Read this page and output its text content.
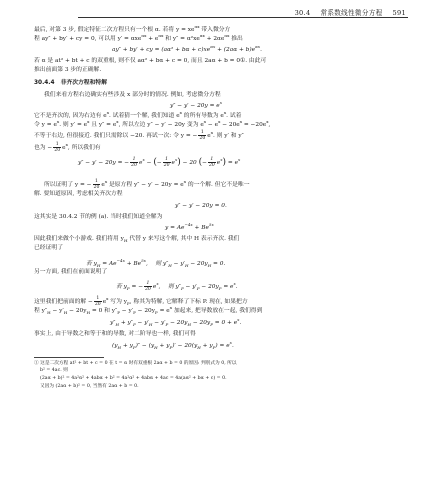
30.4 常系数线性微分方程 591
最后, 对第 3 步, 假定特征二次方程只有一个根 α. 若将 $y = xe^{\alpha x}$ 带入微分方
程 ay″ + by′ + cy = 0, 可以用 $y' = \alpha xe^{\alpha x} + e^{\alpha x}$ 和 $y'' = \alpha^2xe^{\alpha x} + 2\alpha e^{\alpha x}$ 推出
ay″ + by′ + cy = $(a\alpha^2 + b\alpha + c)xe^{\alpha x} + (2a\alpha + b)e^{\alpha x}$.
若 α 是 at² + bt + c 的双重根, 则不仅 aα² + bα + c = 0, 而且 2aα + b = 0①. 由此可
推出前面第 3 步的正确解.
30.4.4 非齐次方程和特解
我们来看方程右边确实有些涉及 x 部分时的情况. 例如, 考虑微分方程
$y'' - y' - 20y = e^x$
它不是齐次的, 因为右边有 $e^x$. 试着猜一个解, 我们知道 $e^x$ 的所有导数为 $e^x$. 试着
令 $y = e^x$. 则 $y' = e^x$ 且 $y'' = e^x$, 所以左边 y″ − y′ − 20y 变为 $e^x - e^x - 20e^x = -20e^x$,
不等于右边, 但很接近. 我们只需除以 −20. 再试一次: 令 y = − $\frac{1}{20} e^x$. 则 y′ 和 y″
也为 − $\frac{1}{20} e^x$, 所以我们有
y″ − y′ − 20y = − $\frac{1}{20} e^x$ − (− $\frac{1}{20} e^x) - 20$ (− $\frac{1}{20} e^x) = e^x$
所以证明了 y = − $\frac{1}{20} e^x$ 是原方程 $y'' - y' - 20y = e^x$ 的一个解. 但它不是唯一
解. 要知道原因, 考虑相关齐次方程
y″ − y′ − 20y = 0.
这其实是 30.4.2 节的例 (a). 当时我们知道全解为
$y = Ae^{-4x} + Be^{5x}$
因此我们来做个小游戏. 我们将用 $y_H$ 代替 y 来写这个解, 其中 H 表示齐次. 我们
已经证明了
若 $y_H = Ae^{-4x} + Be^{5x}$, 则 $y''_H - y'_H - 20y_H = 0$.
另一方面, 我们在前面说明了
若 $y_P$ = − $\frac{1}{20} e^x$, 则 $y''_P - y'_P - 20y_P = e^x$.
这里我们把前面的解 − $\frac{1}{20} e^x$ 写为 $y_P$, 称其为特解, 它解释了下标 P. 现在, 如果把方
程 $y''_H - y'_H - 20y_H = 0$ 和 $y''_P - y'_P - 20y_P = e^x$ 加起来, 把导数放在一起, 我们得到
$y''_H + y''_P - y'_H - y'_P - 20y_H - 20y_P = 0 + e^x$.
事实上, 由于导数之和等于和的导数, 对二阶导也一样, 我们可得
$(y_H + y_P)'' - (y_H + y_P)' - 20(y_H + y_P) = e^x$.
① 这是二次方程 at² + bt + c = 0 在 t = α 时有双重根 2aα + b = 0 的原因: 判别式为 0, 所以
b² = 4ac. 则
(2aα + b)² = 4a²α² + 4abα + b² = 4a²α² + 4abα + 4ac = 4a(aα² + bα + c) = 0.
又因为 (2aα + b)² = 0, 当然有 2aα + b = 0.
